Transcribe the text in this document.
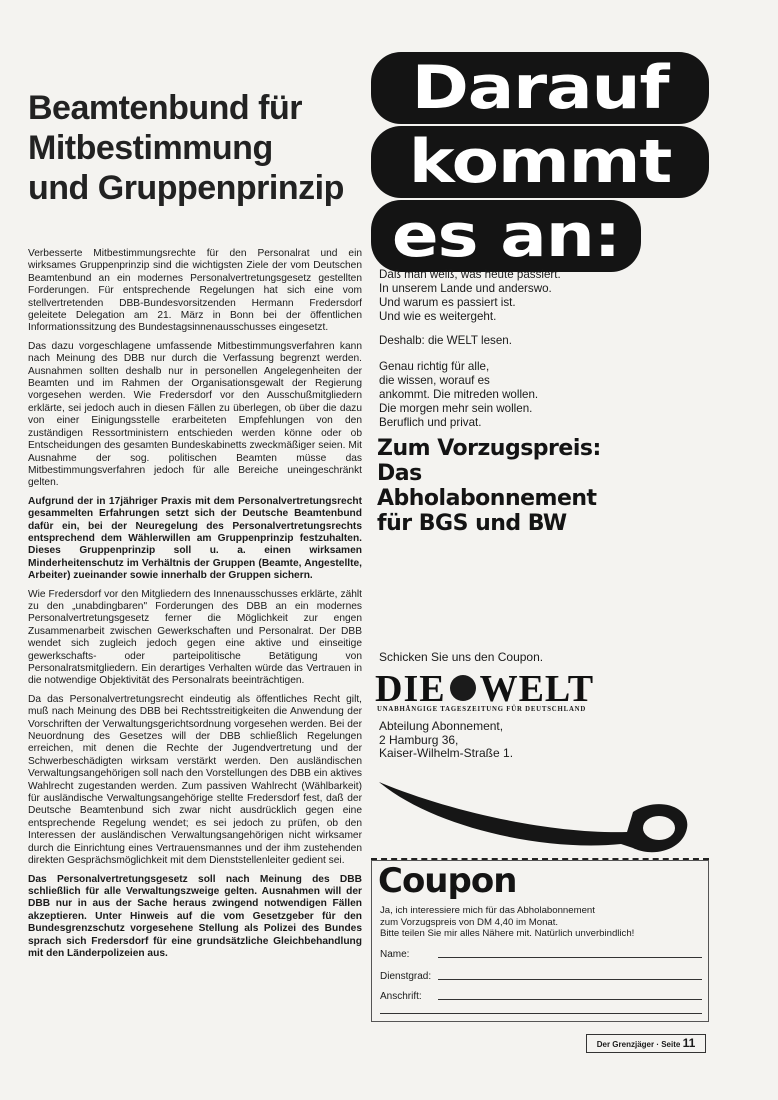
Beamtenbund für
Mitbestimmung
und Gruppenprinzip

Verbesserte Mitbestimmungsrechte für den Personalrat und ein wirksames Gruppenprinzip sind die wichtigsten Ziele der vom Deutschen Beamtenbund an ein modernes Personalvertretungsgesetz gestellten Forderungen. Für entsprechende Regelungen hat sich eine vom stellvertretenden DBB-Bundesvorsitzenden Hermann Fredersdorf geleitete Delegation am 21. März in Bonn bei der öffentlichen Informationssitzung des Bundestagsinnenausschusses eingesetzt.

Das dazu vorgeschlagene umfassende Mitbestimmungsverfahren kann nach Meinung des DBB nur durch die Verfassung begrenzt werden. Ausnahmen sollten deshalb nur in personellen Angelegenheiten der Beamten und im Rahmen der Organisationsgewalt der Regierung vorgesehen werden. Wie Fredersdorf vor den Ausschußmitgliedern erklärte, sei jedoch auch in diesen Fällen zu überlegen, ob über die dazu von einer Einigungsstelle erarbeiteten Empfehlungen von den zuständigen Ressortministern entschieden werden könne oder ob Entscheidungen des gesamten Bundeskabinetts zweckmäßiger seien. Mit Ausnahme der sog. politischen Beamten müsse das Mitbestimmungsverfahren jedoch für alle Bereiche uneingeschränkt gelten.

Aufgrund der in 17jähriger Praxis mit dem Personalvertretungsrecht gesammelten Erfahrungen setzt sich der Deutsche Beamtenbund dafür ein, bei der Neuregelung des Personalvertretungsrechts entsprechend dem Wählerwillen am Gruppenprinzip festzuhalten. Dieses Gruppenprinzip soll u. a. einen wirksamen Minderheitenschutz im Verhältnis der Gruppen (Beamte, Angestellte, Arbeiter) zueinander sowie innerhalb der Gruppen sichern.

Wie Fredersdorf vor den Mitgliedern des Innenausschusses erklärte, zählt zu den „unabdingbaren" Forderungen des DBB an ein modernes Personalvertretungsgesetz ferner die Möglichkeit zur engen Zusammenarbeit zwischen Gewerkschaften und Personalrat. Der DBB wendet sich zugleich jedoch gegen eine aktive und einseitige gewerkschafts- oder parteipolitische Betätigung von Personalratsmitgliedern. Ein derartiges Verhalten würde das Vertrauen in die notwendige Objektivität des Personalrats beeinträchtigen.

Da das Personalvertretungsrecht eindeutig als öffentliches Recht gilt, muß nach Meinung des DBB bei Rechtsstreitigkeiten die Anwendung der Vorschriften der Verwaltungsgerichtsordnung vorgesehen werden. Bei der Neuordnung des Gesetzes will der DBB schließlich Regelungen erreichen, mit denen die Rechte der Jugendvertretung und der Schwerbeschädigten wirksam verstärkt werden. Den ausländischen Verwaltungsangehörigen soll nach den Vorstellungen des DBB ein aktives Wahlrecht zugestanden werden. Zum passiven Wahlrecht (Wählbarkeit) für ausländische Verwaltungsangehörige stellte Fredersdorf fest, daß der Deutsche Beamtenbund sich zwar nicht ausdrücklich gegen eine entsprechende Regelung wendet; es sei jedoch zu prüfen, ob den Interessen der ausländischen Verwaltungsangehörigen nicht wirksamer durch die Einrichtung eines Vertrauensmannes und der ihm zustehenden direkten Gesprächsmöglichkeit mit dem Dienststellenleiter gedient sei.

Das Personalvertretungsgesetz soll nach Meinung des DBB schließlich für alle Verwaltungszweige gelten. Ausnahmen will der DBB nur in aus der Sache heraus zwingend notwendigen Fällen akzeptieren. Unter Hinweis auf die vom Gesetzgeber für den Bundesgrenzschutz vorgesehene Stellung als Polizei des Bundes sprach sich Fredersdorf für eine grundsätzliche Gleichbehandlung mit den Länderpolizeien aus.

Darauf
kommt
es an:
Daß man weiß, was heute passiert.
In unserem Lande und anderswo.
Und warum es passiert ist.
Und wie es weitergeht.
Deshalb: die WELT lesen.
Genau richtig für alle,
die wissen, worauf es
ankommt. Die mitreden wollen.
Die morgen mehr sein wollen.
Beruflich und privat.
Zum Vorzugspreis:
Das
Abholabonnement
für BGS und BW
Schicken Sie uns den Coupon.
DIE WELT
UNABHÄNGIGE TAGESZEITUNG FÜR DEUTSCHLAND
Abteilung Abonnement,
2 Hamburg 36,
Kaiser-Wilhelm-Straße 1.
Coupon
Ja, ich interessiere mich für das Abholabonnement
zum Vorzugspreis von DM 4,40 im Monat.
Bitte teilen Sie mir alles Nähere mit. Natürlich unverbindlich!
Name:
Dienstgrad:
Anschrift:
Der Grenzjäger · Seite 11
